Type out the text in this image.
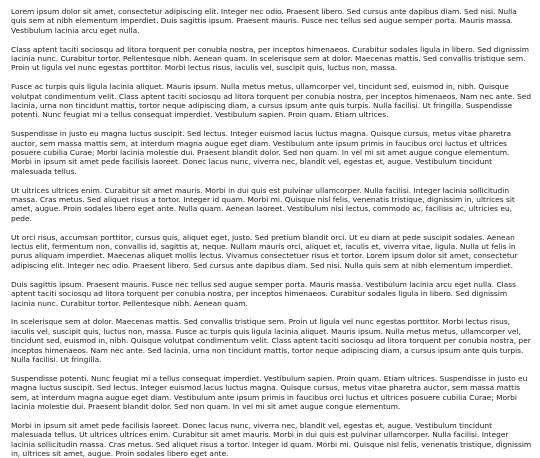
Lorem ipsum dolor sit amet, consectetur adipiscing elit. Integer nec odio. Praesent libero. Sed cursus ante dapibus diam. Sed nisi. Nulla quis sem at nibh elementum imperdiet. Duis sagittis ipsum. Praesent mauris. Fusce nec tellus sed augue semper porta. Mauris massa. Vestibulum lacinia arcu eget nulla.

Class aptent taciti sociosqu ad litora torquent per conubia nostra, per inceptos himenaeos. Curabitur sodales ligula in libero. Sed dignissim lacinia nunc. Curabitur tortor. Pellentesque nibh. Aenean quam. In scelerisque sem at dolor. Maecenas mattis. Sed convallis tristique sem. Proin ut ligula vel nunc egestas porttitor. Morbi lectus risus, iaculis vel, suscipit quis, luctus non, massa.

Fusce ac turpis quis ligula lacinia aliquet. Mauris ipsum. Nulla metus metus, ullamcorper vel, tincidunt sed, euismod in, nibh. Quisque volutpat condimentum velit. Class aptent taciti sociosqu ad litora torquent per conubia nostra, per inceptos himenaeos. Nam nec ante. Sed lacinia, urna non tincidunt mattis, tortor neque adipiscing diam, a cursus ipsum ante quis turpis. Nulla facilisi. Ut fringilla. Suspendisse potenti. Nunc feugiat mi a tellus consequat imperdiet. Vestibulum sapien. Proin quam. Etiam ultrices.

Suspendisse in justo eu magna luctus suscipit. Sed lectus. Integer euismod lacus luctus magna. Quisque cursus, metus vitae pharetra auctor, sem massa mattis sem, at interdum magna augue eget diam. Vestibulum ante ipsum primis in faucibus orci luctus et ultrices posuere cubilia Curae; Morbi lacinia molestie dui. Praesent blandit dolor. Sed non quam. In vel mi sit amet augue congue elementum. Morbi in ipsum sit amet pede facilisis laoreet. Donec lacus nunc, viverra nec, blandit vel, egestas et, augue. Vestibulum tincidunt malesuada tellus.

Ut ultrices ultrices enim. Curabitur sit amet mauris. Morbi in dui quis est pulvinar ullamcorper. Nulla facilisi. Integer lacinia sollicitudin massa. Cras metus. Sed aliquet risus a tortor. Integer id quam. Morbi mi. Quisque nisl felis, venenatis tristique, dignissim in, ultrices sit amet, augue. Proin sodales libero eget ante. Nulla quam. Aenean laoreet. Vestibulum nisi lectus, commodo ac, facilisis ac, ultricies eu, pede.

Ut orci risus, accumsan porttitor, cursus quis, aliquet eget, justo. Sed pretium blandit orci. Ut eu diam at pede suscipit sodales. Aenean lectus elit, fermentum non, convallis id, sagittis at, neque. Nullam mauris orci, aliquet et, iaculis et, viverra vitae, ligula. Nulla ut felis in purus aliquam imperdiet. Maecenas aliquet mollis lectus. Vivamus consectetuer risus et tortor. Lorem ipsum dolor sit amet, consectetur adipiscing elit. Integer nec odio. Praesent libero. Sed cursus ante dapibus diam. Sed nisi. Nulla quis sem at nibh elementum imperdiet.

Duis sagittis ipsum. Praesent mauris. Fusce nec tellus sed augue semper porta. Mauris massa. Vestibulum lacinia arcu eget nulla. Class aptent taciti sociosqu ad litora torquent per conubia nostra, per inceptos himenaeos. Curabitur sodales ligula in libero. Sed dignissim lacinia nunc. Curabitur tortor. Pellentesque nibh. Aenean quam.

In scelerisque sem at dolor. Maecenas mattis. Sed convallis tristique sem. Proin ut ligula vel nunc egestas porttitor. Morbi lectus risus, iaculis vel, suscipit quis, luctus non, massa. Fusce ac turpis quis ligula lacinia aliquet. Mauris ipsum. Nulla metus metus, ullamcorper vel, tincidunt sed, euismod in, nibh. Quisque volutpat condimentum velit. Class aptent taciti sociosqu ad litora torquent per conubia nostra, per inceptos himenaeos. Nam nec ante. Sed lacinia, urna non tincidunt mattis, tortor neque adipiscing diam, a cursus ipsum ante quis turpis. Nulla facilisi. Ut fringilla.

Suspendisse potenti. Nunc feugiat mi a tellus consequat imperdiet. Vestibulum sapien. Proin quam. Etiam ultrices. Suspendisse in justo eu magna luctus suscipit. Sed lectus. Integer euismod lacus luctus magna. Quisque cursus, metus vitae pharetra auctor, sem massa mattis sem, at interdum magna augue eget diam. Vestibulum ante ipsum primis in faucibus orci luctus et ultrices posuere cubilia Curae; Morbi lacinia molestie dui. Praesent blandit dolor. Sed non quam. In vel mi sit amet augue congue elementum.

Morbi in ipsum sit amet pede facilisis laoreet. Donec lacus nunc, viverra nec, blandit vel, egestas et, augue. Vestibulum tincidunt malesuada tellus. Ut ultrices ultrices enim. Curabitur sit amet mauris. Morbi in dui quis est pulvinar ullamcorper. Nulla facilisi. Integer lacinia sollicitudin massa. Cras metus. Sed aliquet risus a tortor. Integer id quam. Morbi mi. Quisque nisl felis, venenatis tristique, dignissim in, ultrices sit amet, augue. Proin sodales libero eget ante.
